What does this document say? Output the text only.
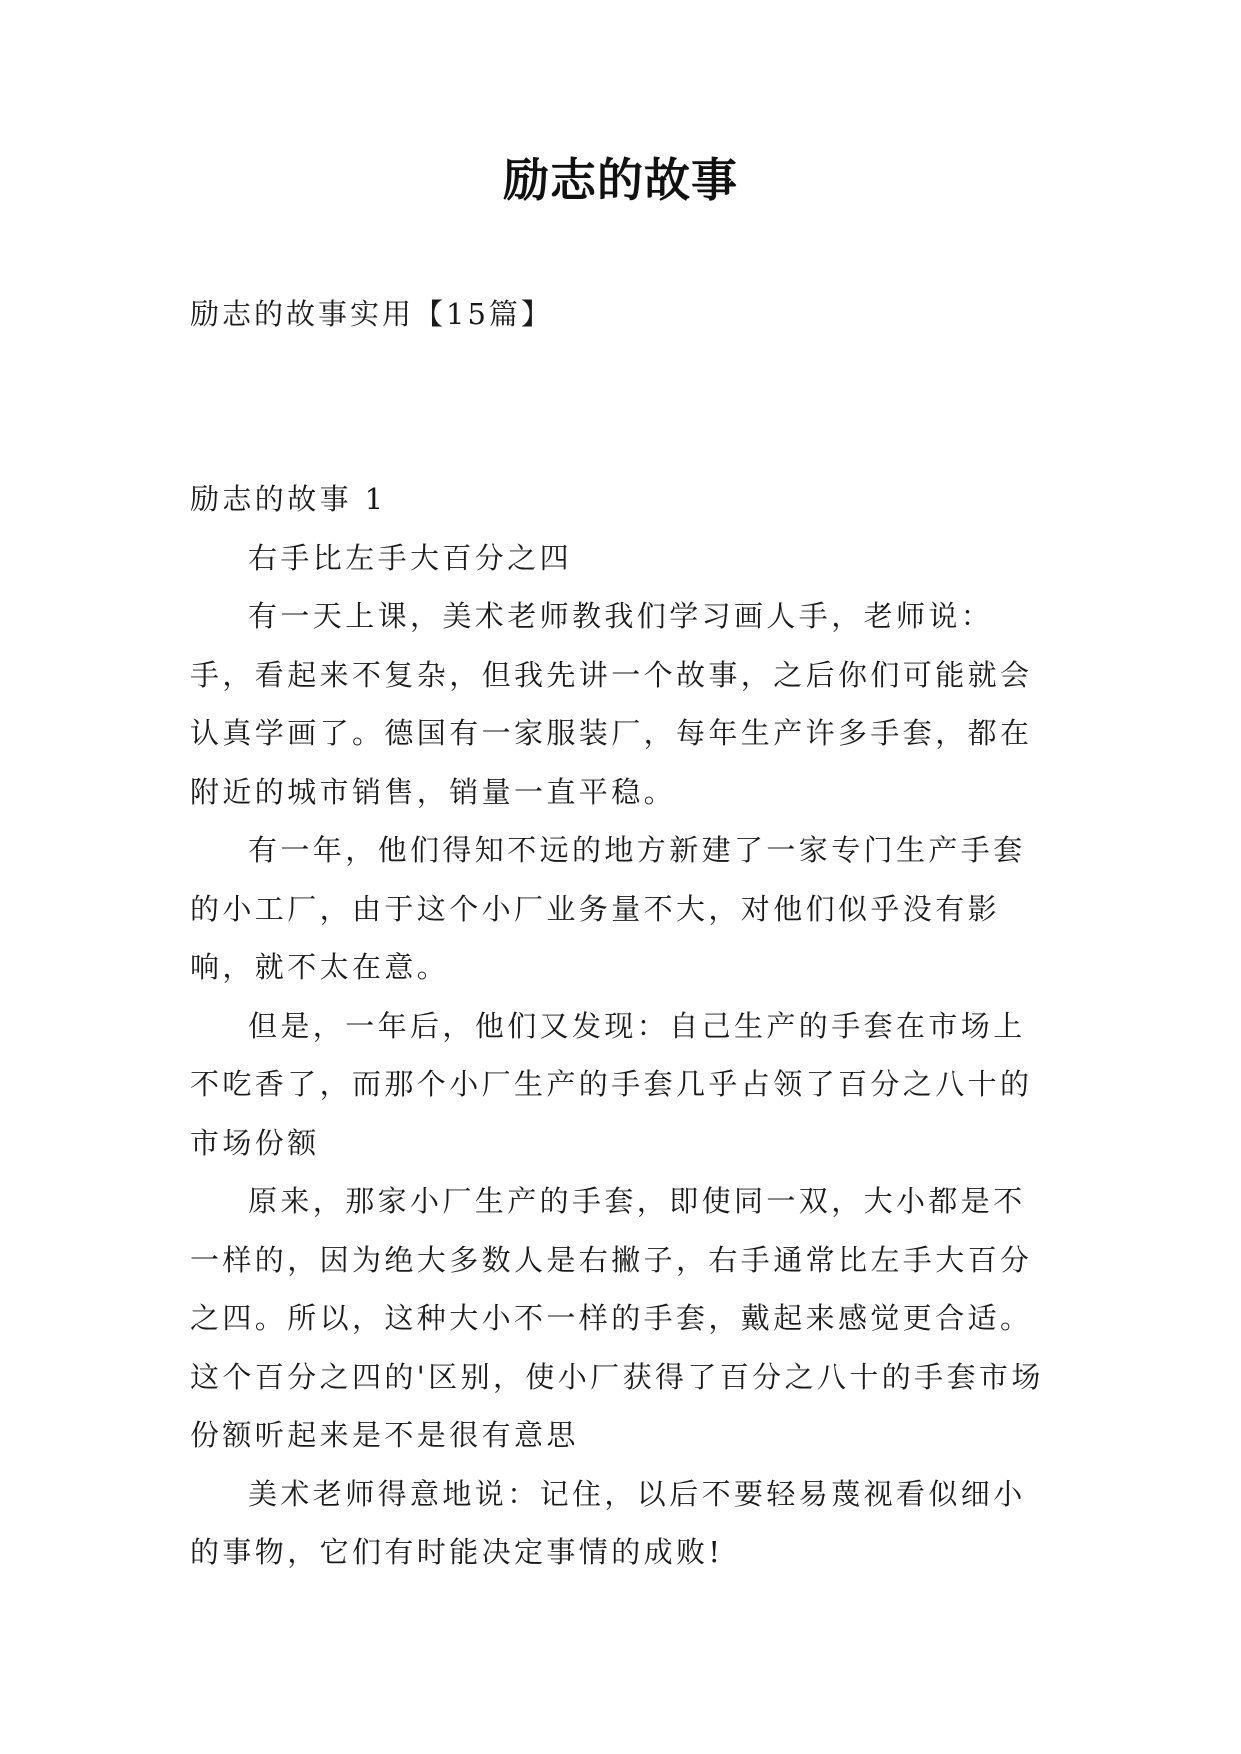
励志的故事

励志的故事实用【15篇】

励志的故事 1

右手比左手大百分之四

有一天上课，美术老师教我们学习画人手，老师说：手，看起来不复杂，但我先讲一个故事，之后你们可能就会认真学画了。德国有一家服装厂，每年生产许多手套，都在附近的城市销售，销量一直平稳。

有一年，他们得知不远的地方新建了一家专门生产手套的小工厂，由于这个小厂业务量不大，对他们似乎没有影响，就不太在意。

但是，一年后，他们又发现：自己生产的手套在市场上不吃香了，而那个小厂生产的手套几乎占领了百分之八十的市场份额

原来，那家小厂生产的手套，即使同一双，大小都是不一样的，因为绝大多数人是右撇子，右手通常比左手大百分之四。所以，这种大小不一样的手套，戴起来感觉更合适。这个百分之四的'区别，使小厂获得了百分之八十的手套市场份额听起来是不是很有意思

美术老师得意地说：记住，以后不要轻易蔑视看似细小的事物，它们有时能决定事情的成败!
